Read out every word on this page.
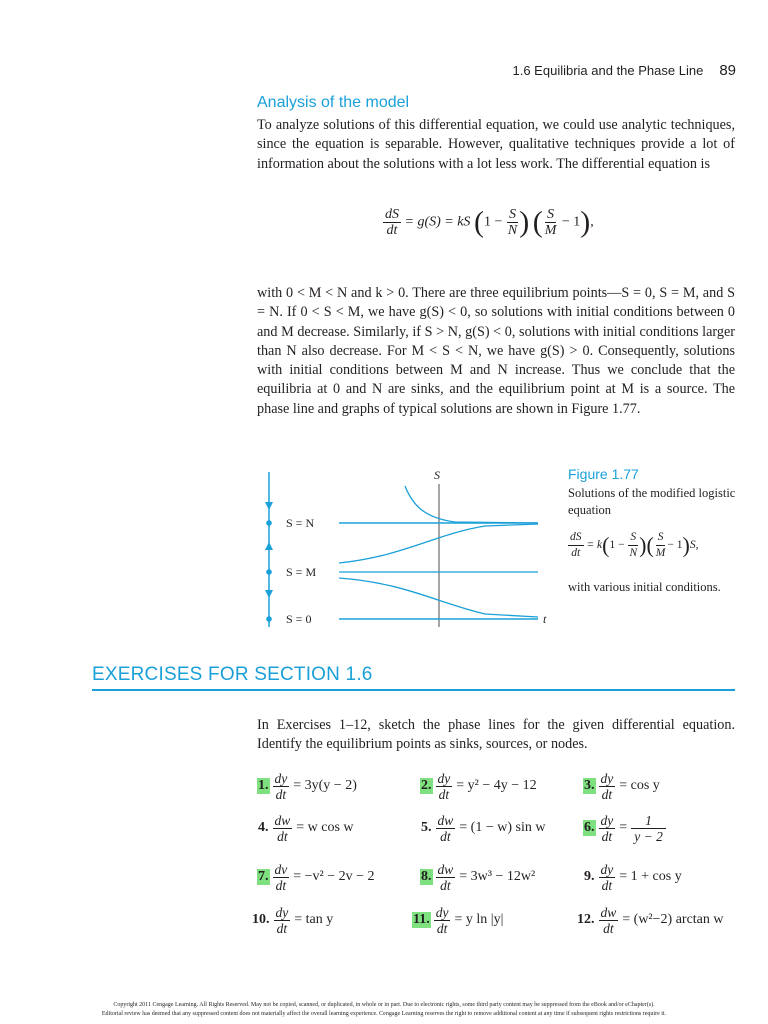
1.6 Equilibria and the Phase Line 89
Analysis of the model
To analyze solutions of this differential equation, we could use analytic techniques, since the equation is separable. However, qualitative techniques provide a lot of information about the solutions with a lot less work. The differential equation is
$\frac{dS}{dt} = g(S)$ = kS ($1 - \frac{S}{N}$ ) ( $\frac{S}{M} - 1$),
with 0 < M < N and k > 0. There are three equilibrium points—S = 0, S = M, and S = N. If 0 < S < M, we have g(S) < 0, so solutions with initial conditions between 0 and M decrease. Similarly, if S > N, g(S) < 0, solutions with initial conditions larger than N also decrease. For M < S < N, we have g(S) > 0. Consequently, solutions with initial conditions between M and N increase. Thus we conclude that the equilibria at 0 and N are sinks, and the equilibrium point at M is a source. The phase line and graphs of typical solutions are shown in Figure 1.77.
S = N
S = M
S = 0
S
t
Figure 1.77
Solutions of the modified logistic equation
$\frac{dS}{dt} = k(1 - \frac{S}{N}$ )( $\frac{S}{M} - 1)S$,
with various initial conditions.
EXERCISES FOR SECTION 1.6
In Exercises 1–12, sketch the phase lines for the given differential equation. Identify the equilibrium points as sinks, sources, or nodes.
1. $\frac{dy}{dt} = 3y(y - 2)$	2. $\frac{dy}{dt} = y^2 - 4y - 12$	3. $\frac{dy}{dt} = \cos y$
4. $\frac{dw}{dt} = w$ cos w	5. $\frac{dw}{dt} = (1 - w)$ sin w	6. $\frac{dy}{dt} = \frac{1}{y - 2}$
7. $\frac{dv}{dt} = -v^2 - 2v - 2$	8. $\frac{dw}{dt} = 3w^3 - 12w^2$	9. $\frac{dy}{dt} = 1 + \cos y$
10. $\frac{dy}{dt} = \tan y$	11. $\frac{dy}{dt} = y$ ln |y|	12. $\frac{dw}{dt} = (w^2-2)$ arctan w
Copyright 2011 Cengage Learning. All Rights Reserved. May not be copied, scanned, or duplicated, in whole or in part. Due to electronic rights, some third party content may be suppressed from the eBook and/or eChapter(s).
Editorial review has deemed that any suppressed content does not materially affect the overall learning experience. Cengage Learning reserves the right to remove additional content at any time if subsequent rights restrictions require it.
